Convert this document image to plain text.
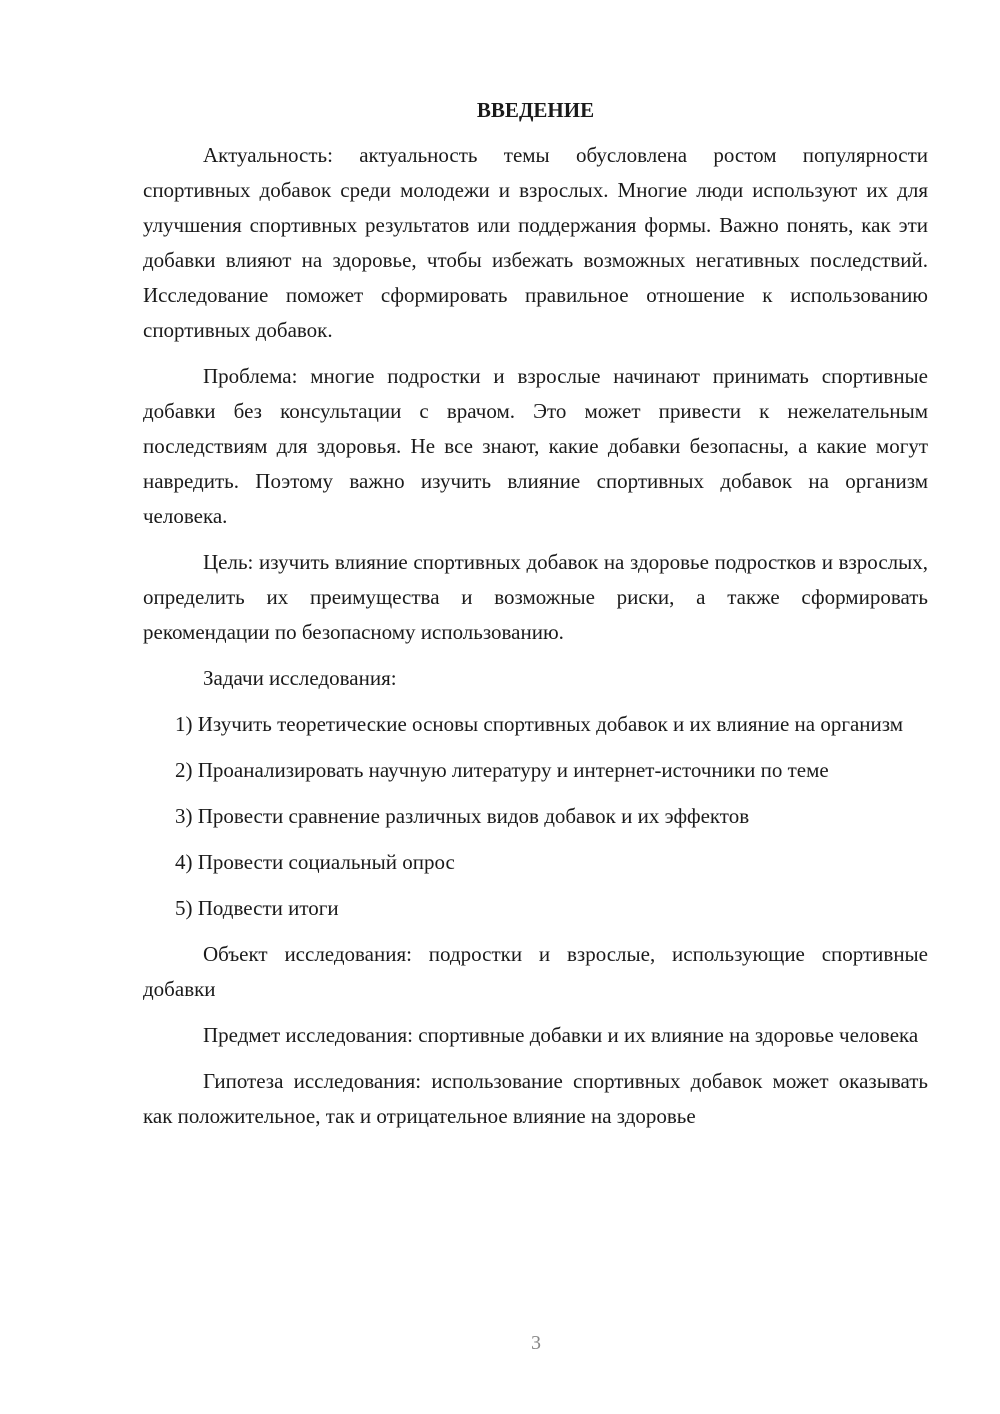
ВВЕДЕНИЕ

Актуальность: актуальность темы обусловлена ростом популярности спортивных добавок среди молодежи и взрослых. Многие люди используют их для улучшения спортивных результатов или поддержания формы. Важно понять, как эти добавки влияют на здоровье, чтобы избежать возможных негативных последствий. Исследование поможет сформировать правильное отношение к использованию спортивных добавок.

Проблема: многие подростки и взрослые начинают принимать спортивные добавки без консультации с врачом. Это может привести к нежелательным последствиям для здоровья. Не все знают, какие добавки безопасны, а какие могут навредить. Поэтому важно изучить влияние спортивных добавок на организм человека.

Цель: изучить влияние спортивных добавок на здоровье подростков и взрослых, определить их преимущества и возможные риски, а также сформировать рекомендации по безопасному использованию.

Задачи исследования:

1) Изучить теоретические основы спортивных добавок и их влияние на организм

2) Проанализировать научную литературу и интернет-источники по теме

3) Провести сравнение различных видов добавок и их эффектов

4) Провести социальный опрос

5) Подвести итоги

Объект исследования: подростки и взрослые, использующие спортивные добавки

Предмет исследования: спортивные добавки и их влияние на здоровье человека

Гипотеза исследования: использование спортивных добавок может оказывать как положительное, так и отрицательное влияние на здоровье

3
